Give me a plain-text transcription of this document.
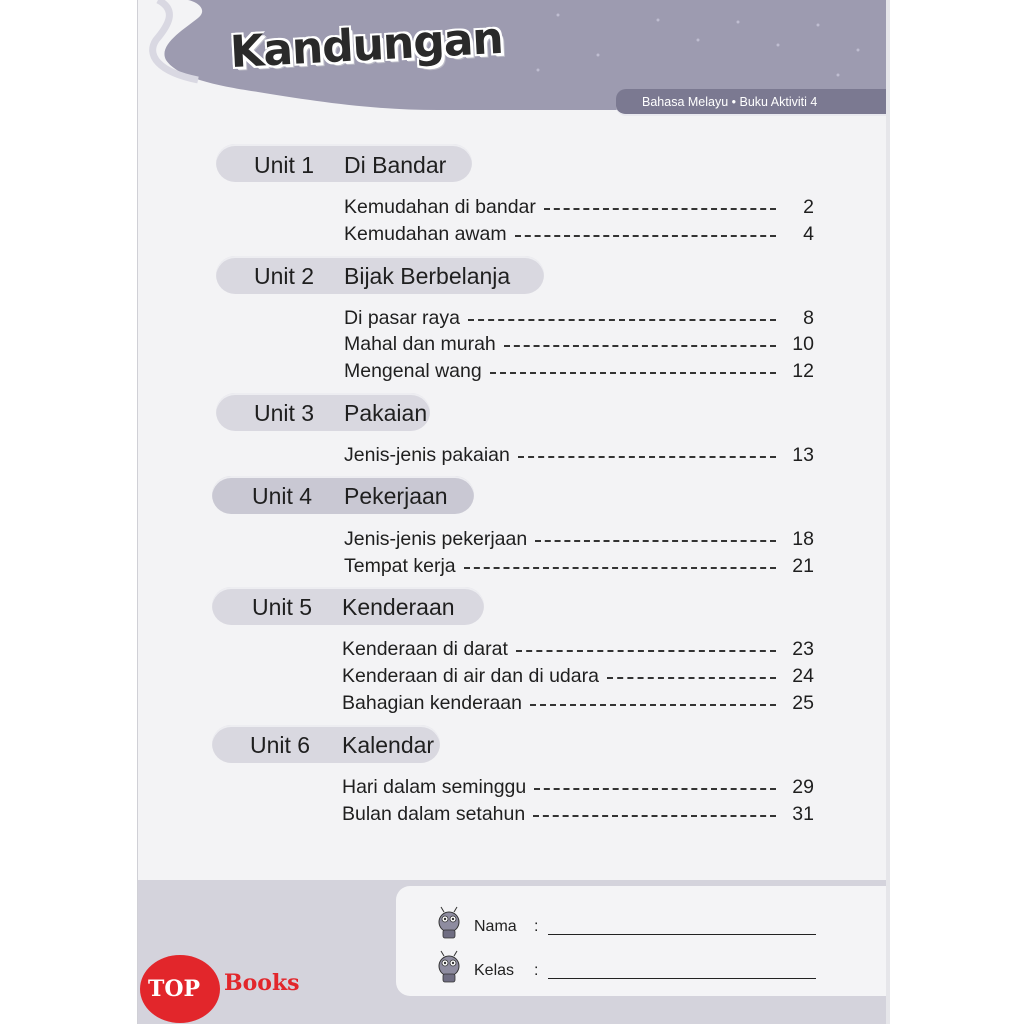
Kandungan
Bahasa Melayu • Buku Aktiviti 4
Unit 1 Di Bandar
Kemudahan di bandar	2
Kemudahan awam	4
Unit 2 Bijak Berbelanja
Di pasar raya	8
Mahal dan murah	10
Mengenal wang	12
Unit 3 Pakaian
Jenis-jenis pakaian	13
Unit 4 Pekerjaan
Jenis-jenis pekerjaan	18
Tempat kerja	21
Unit 5 Kenderaan
Kenderaan di darat	23
Kenderaan di air dan di udara	24
Bahagian kenderaan	25
Unit 6 Kalendar
Hari dalam seminggu	29
Bulan dalam setahun	31
Nama :
Kelas :
TOP Books
